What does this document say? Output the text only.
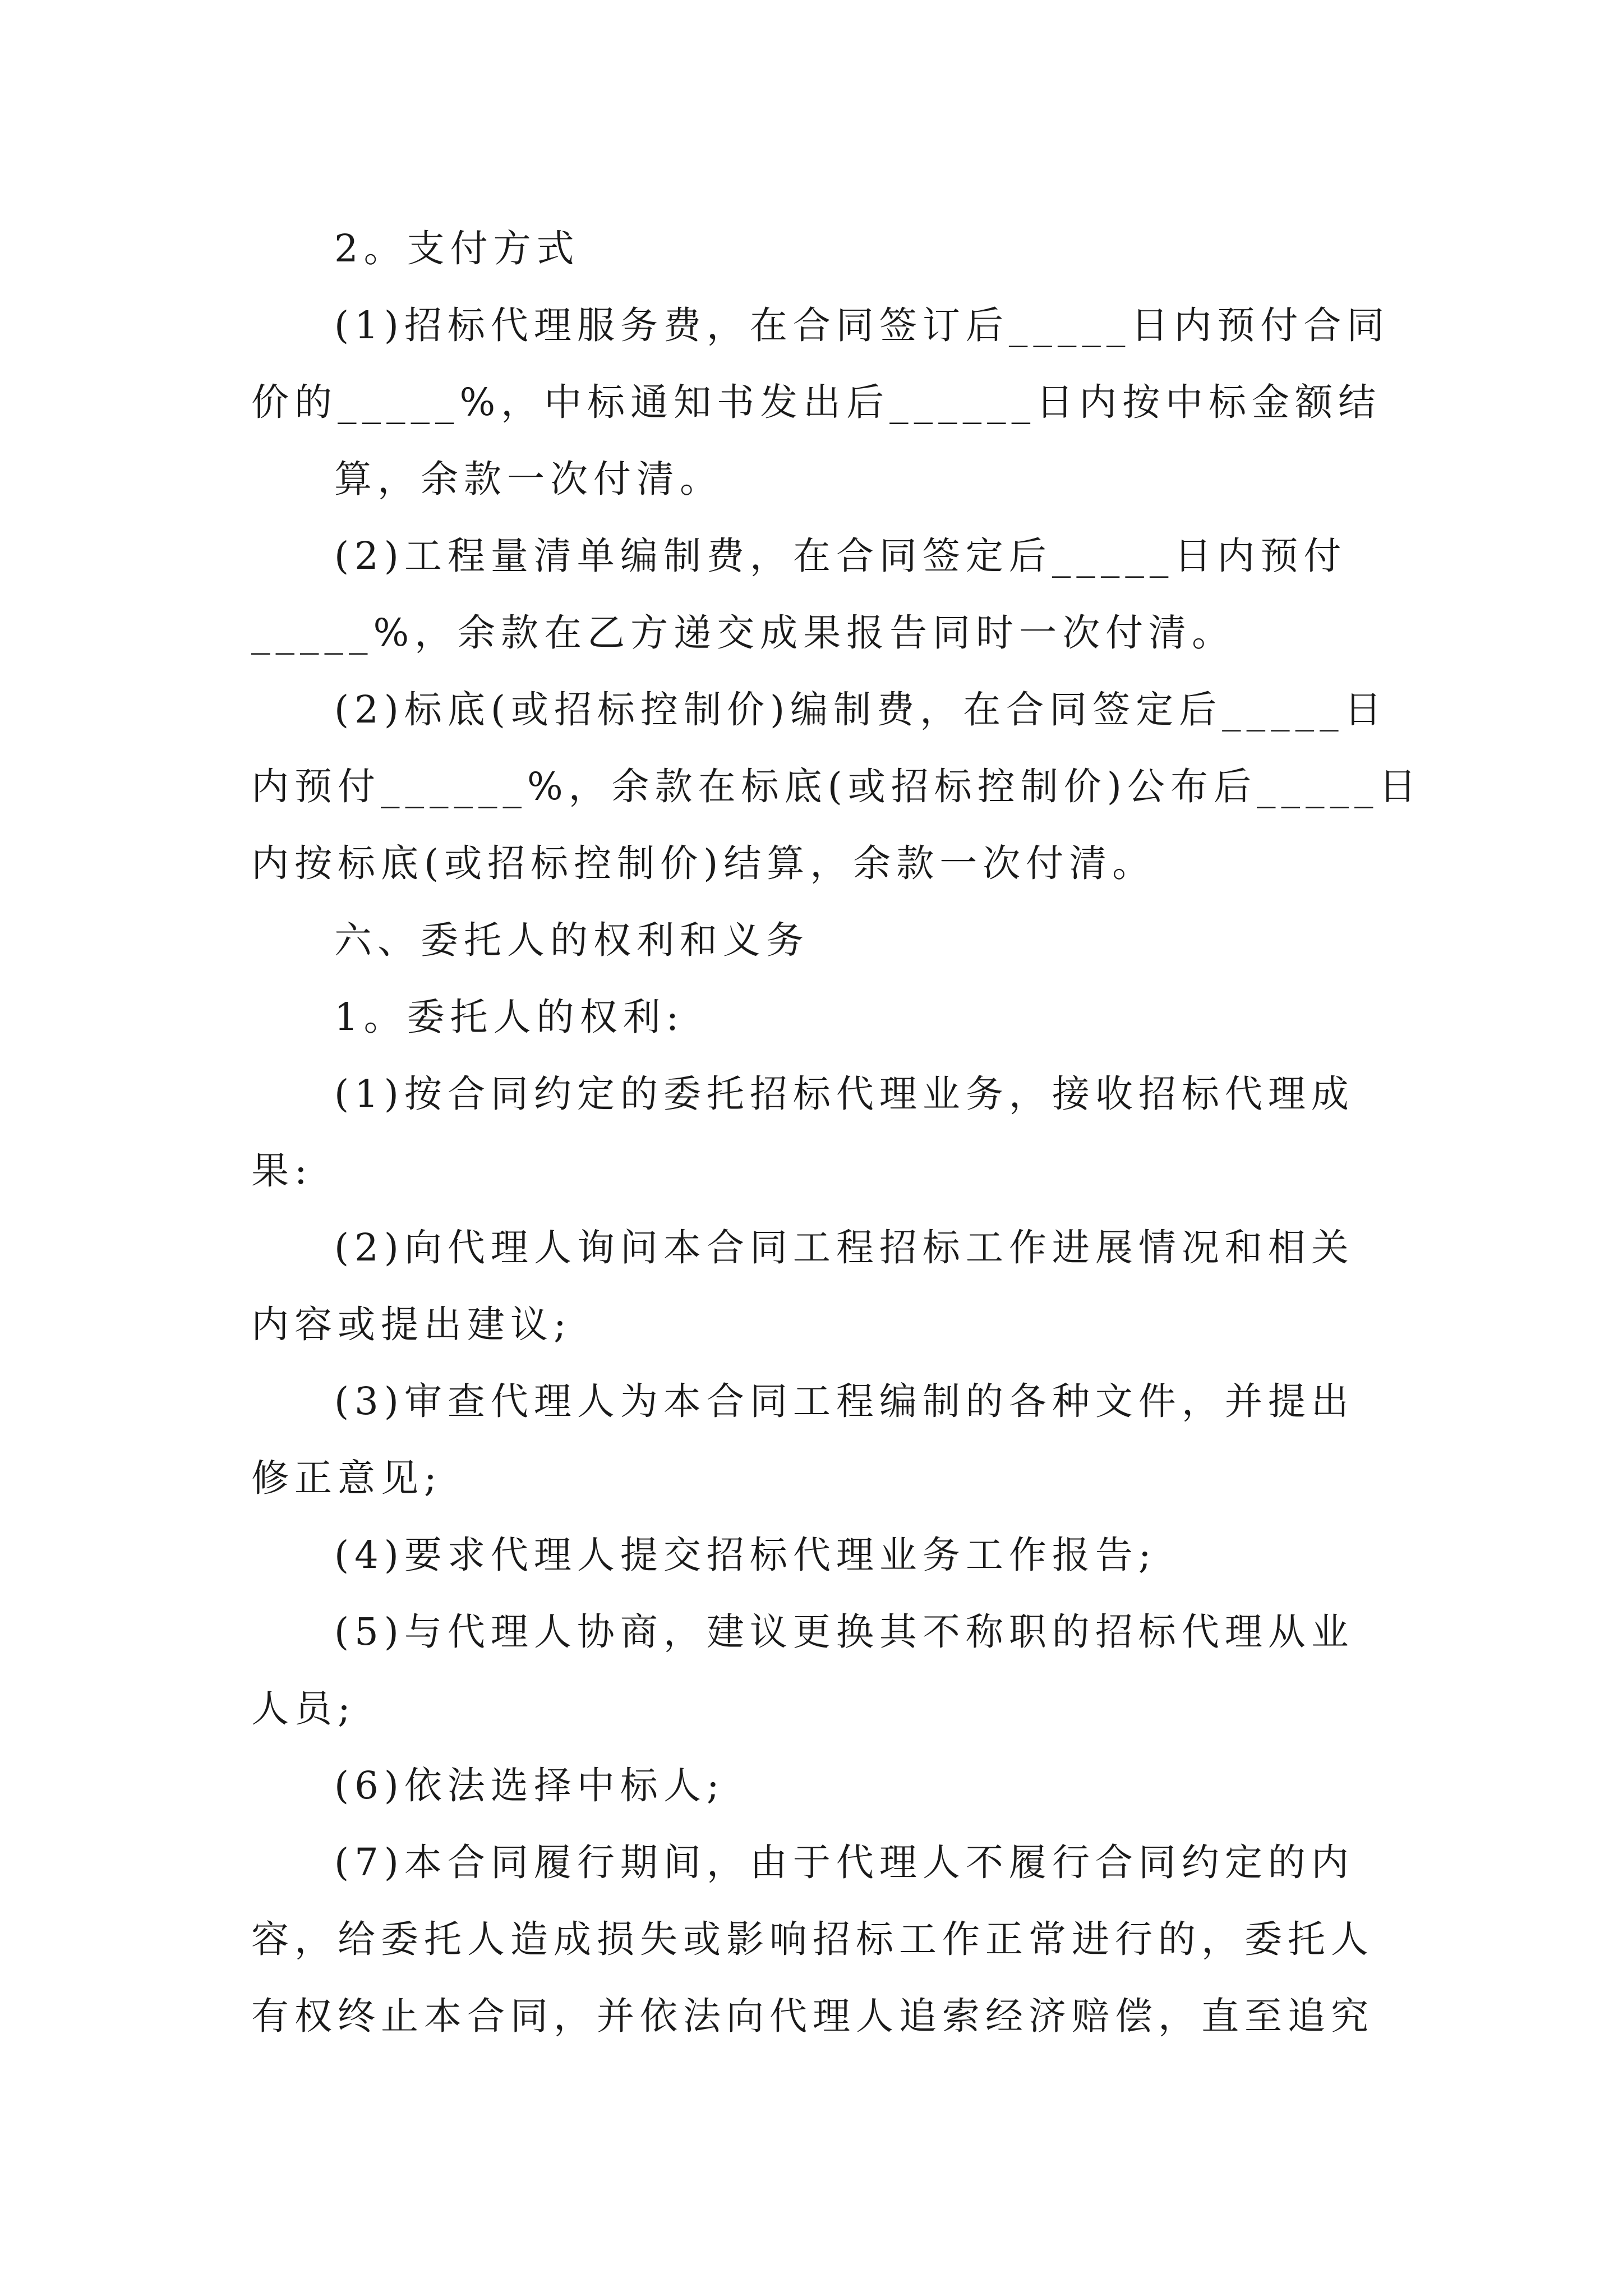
2。支付方式

(1)招标代理服务费，在合同签订后_____日内预付合同

价的_____%，中标通知书发出后______日内按中标金额结

算，余款一次付清。

(2)工程量清单编制费，在合同签定后_____日内预付

_____%，余款在乙方递交成果报告同时一次付清。

(2)标底(或招标控制价)编制费，在合同签定后_____日

内预付______%，余款在标底(或招标控制价)公布后_____日

内按标底(或招标控制价)结算，余款一次付清。

六、委托人的权利和义务

1。委托人的权利:

(1)按合同约定的委托招标代理业务，接收招标代理成

果:

(2)向代理人询问本合同工程招标工作进展情况和相关

内容或提出建议;

(3)审查代理人为本合同工程编制的各种文件，并提出

修正意见;

(4)要求代理人提交招标代理业务工作报告;

(5)与代理人协商，建议更换其不称职的招标代理从业

人员;

(6)依法选择中标人;

(7)本合同履行期间，由于代理人不履行合同约定的内

容，给委托人造成损失或影响招标工作正常进行的，委托人

有权终止本合同，并依法向代理人追索经济赔偿，直至追究
